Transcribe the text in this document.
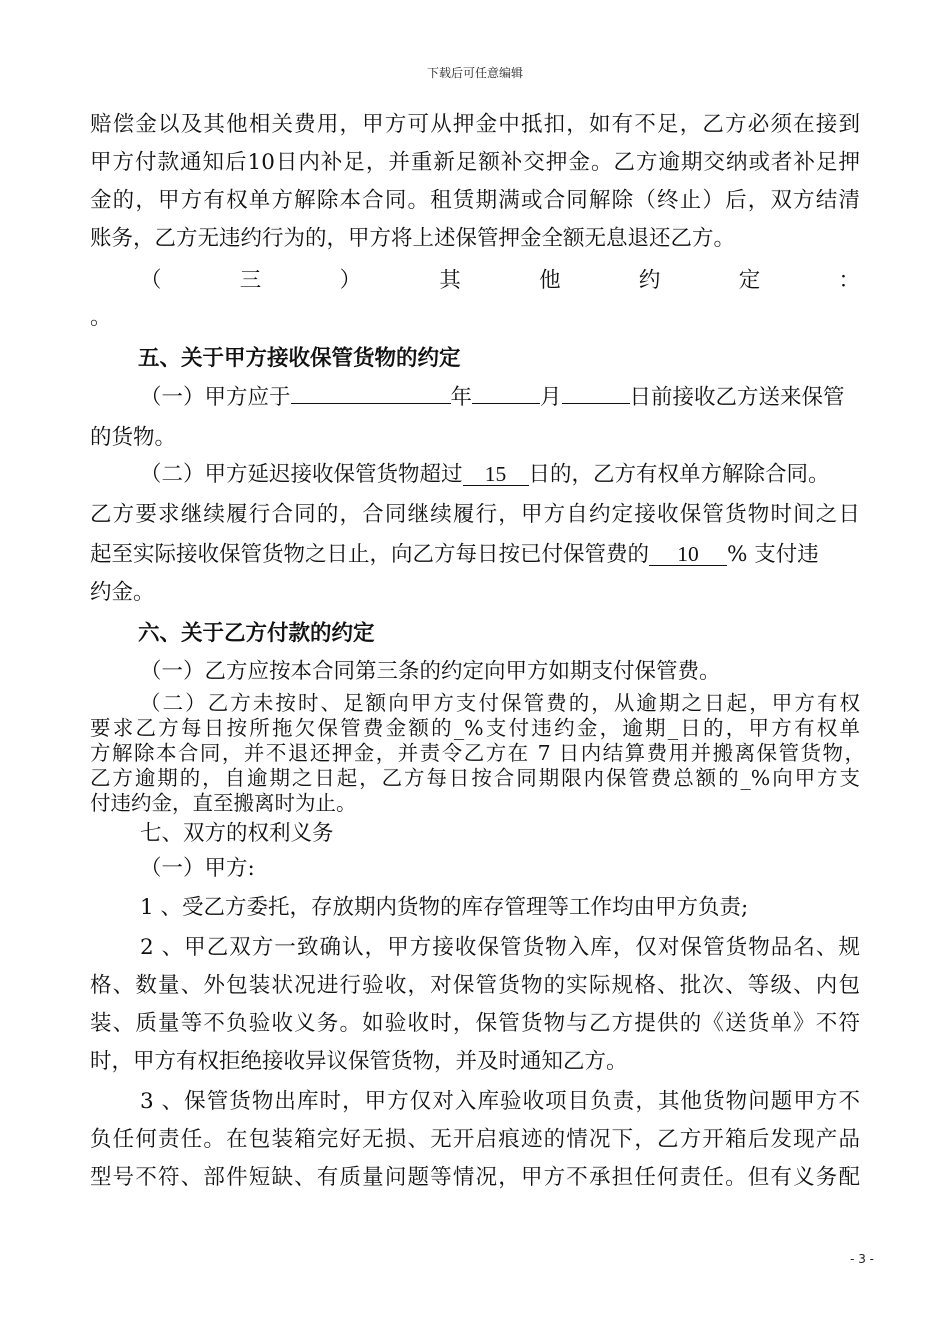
下载后可任意编辑
赔偿金以及其他相关费用，甲方可从押金中抵扣，如有不足，乙方必须在接到
甲方付款通知后10日内补足，并重新足额补交押金。乙方逾期交纳或者补足押
金的，甲方有权单方解除本合同。租赁期满或合同解除（终止）后，双方结清
账务，乙方无违约行为的，甲方将上述保管押金全额无息退还乙方。
（ 三 ） 其 他 约 定 ：
。
五、关于甲方接收保管货物的约定
（一）甲方应于	年	月	日前接收乙方送来保管
的货物。
（二）甲方延迟接收保管货物超过 15 日的，乙方有权单方解除合同。
乙方要求继续履行合同的，合同继续履行，甲方自约定接收保管货物时间之日
起至实际接收保管货物之日止，向乙方每日按已付保管费的 10 % 支付违
约金。
六、关于乙方付款的约定
（一）乙方应按本合同第三条的约定向甲方如期支付保管费。
（二）乙方未按时、足额向甲方支付保管费的，从逾期之日起，甲方有权
要求乙方每日按所拖欠保管费金额的_%支付违约金，逾期_日的，甲方有权单
方解除本合同，并不退还押金，并责令乙方在 7 日内结算费用并搬离保管货物，
乙方逾期的，自逾期之日起，乙方每日按合同期限内保管费总额的_%向甲方支
付违约金，直至搬离时为止。
七、双方的权利义务
（一）甲方:
1 、受乙方委托，存放期内货物的库存管理等工作均由甲方负责;
2 、甲乙双方一致确认，甲方接收保管货物入库，仅对保管货物品名、规
格、数量、外包装状况进行验收，对保管货物的实际规格、批次、等级、内包
装、质量等不负验收义务。如验收时，保管货物与乙方提供的《送货单》不符
时，甲方有权拒绝接收异议保管货物，并及时通知乙方。
3 、保管货物出库时，甲方仅对入库验收项目负责，其他货物问题甲方不
负任何责任。在包装箱完好无损、无开启痕迹的情况下，乙方开箱后发现产品
型号不符、部件短缺、有质量问题等情况，甲方不承担任何责任。但有义务配
- 3 -
